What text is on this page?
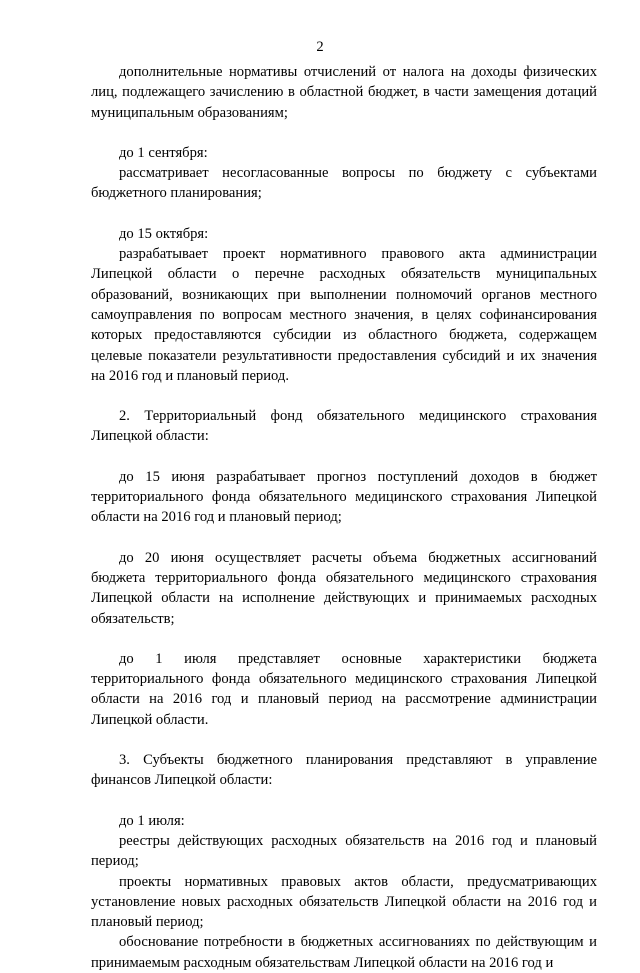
2

дополнительные нормативы отчислений от налога на доходы физических лиц, подлежащего зачислению в областной бюджет, в части замещения дотаций муниципальным образованиям;

до 1 сентября:

рассматривает несогласованные вопросы по бюджету с субъектами бюджетного планирования;

до 15 октября:

разрабатывает проект нормативного правового акта администрации Липецкой области о перечне расходных обязательств муниципальных образований, возникающих при выполнении полномочий органов местного самоуправления по вопросам местного значения, в целях софинансирования которых предоставляются субсидии из областного бюджета, содержащем целевые показатели результативности предоставления субсидий и их значения на 2016 год и плановый период.

2. Территориальный фонд обязательного медицинского страхования Липецкой области:

до 15 июня разрабатывает прогноз поступлений доходов в бюджет территориального фонда обязательного медицинского страхования Липецкой области на 2016 год и плановый период;

до 20 июня осуществляет расчеты объема бюджетных ассигнований бюджета территориального фонда обязательного медицинского страхования Липецкой области на исполнение действующих и принимаемых расходных обязательств;

до 1 июля представляет основные характеристики бюджета территориального фонда обязательного медицинского страхования Липецкой области на 2016 год и плановый период на рассмотрение администрации Липецкой области.

3. Субъекты бюджетного планирования представляют в управление финансов Липецкой области:

до 1 июля:

реестры действующих расходных обязательств на 2016 год и плановый период;

проекты нормативных правовых актов области, предусматривающих установление новых расходных обязательств Липецкой области на 2016 год и плановый период;

обоснование потребности в бюджетных ассигнованиях по действующим и принимаемым расходным обязательствам Липецкой области на 2016 год и
